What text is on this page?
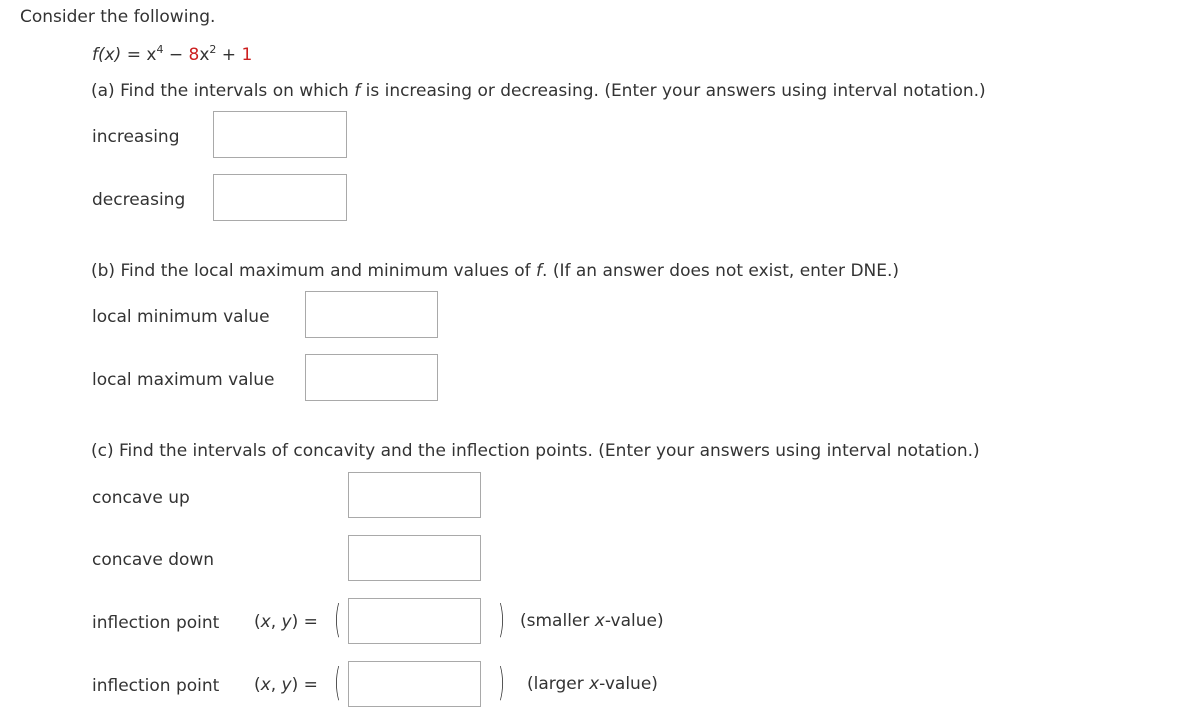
Consider the following.
$f(x) = x^4 - 8x^2 + 1$
(a) Find the intervals on which f is increasing or decreasing. (Enter your answers using interval notation.)
increasing
decreasing
(b) Find the local maximum and minimum values of f. (If an answer does not exist, enter DNE.)
local minimum value
local maximum value
(c) Find the intervals of concavity and the inflection points. (Enter your answers using interval notation.)
concave up
concave down
inflection point (x, y) = (	) (smaller x-value)
inflection point (x, y) = (	) (larger x-value)
